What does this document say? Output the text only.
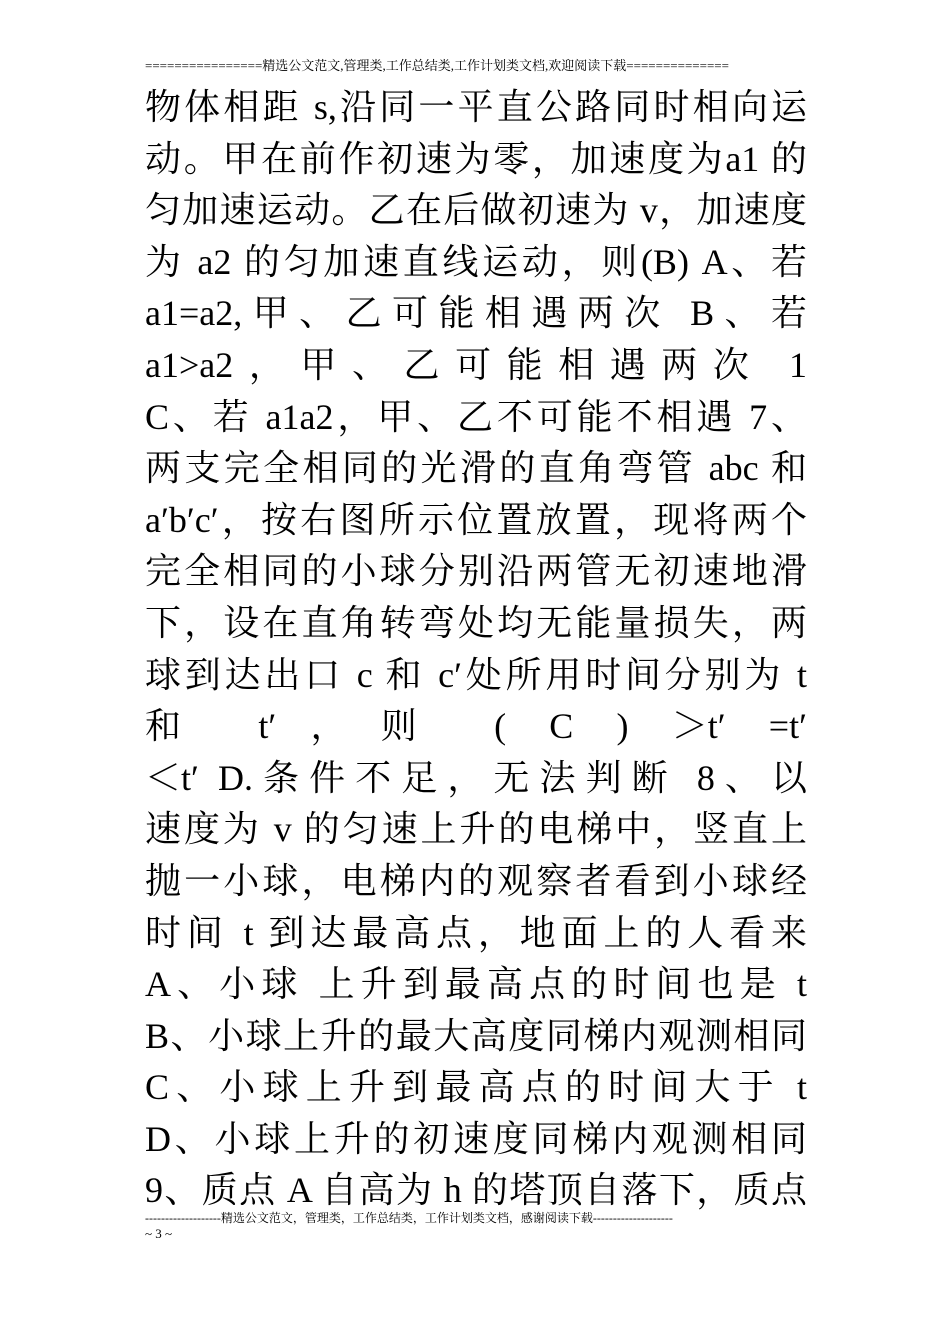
================精选公文范文,管理类,工作总结类,工作计划类文档,欢迎阅读下载==============
物体相距 s,沿同一平直公路同时相向运
动。甲在前作初速为零，加速度为a1 的
匀加速运动。乙在后做初速为 v，加速度
为 a2 的匀加速直线运动，则(B) A、若
a1=a2,甲、乙可能相遇两次 B、若
a1>a2，甲、乙可能相遇两次 1
C、若 a1a2，甲、乙不可能不相遇 7、
两支完全相同的光滑的直角弯管 abc 和
a′b′c′，按右图所示位置放置，现将两个
完全相同的小球分别沿两管无初速地滑
下，设在直角转弯处均无能量损失，两
球到达出口 c 和 c′处所用时间分别为 t
和 t′，则 ( C ) ＞t′ =t′
＜t′ D.条件不足，无法判断 8、以
速度为 v 的匀速上升的电梯中，竖直上
抛一小球，电梯内的观察者看到小球经
时间 t 到达最高点，地面上的人看来
A、小球 上升到最高点的时间也是 t
B、小球上升的最大高度同梯内观测相同
C、小球上升到最高点的时间大于 t
D、小球上升的初速度同梯内观测相同
9、质点 A 自高为 h 的塔顶自落下，质点
-------------------精选公文范文，管理类，工作总结类，工作计划类文档，感谢阅读下载--------------------
~ 3 ~
